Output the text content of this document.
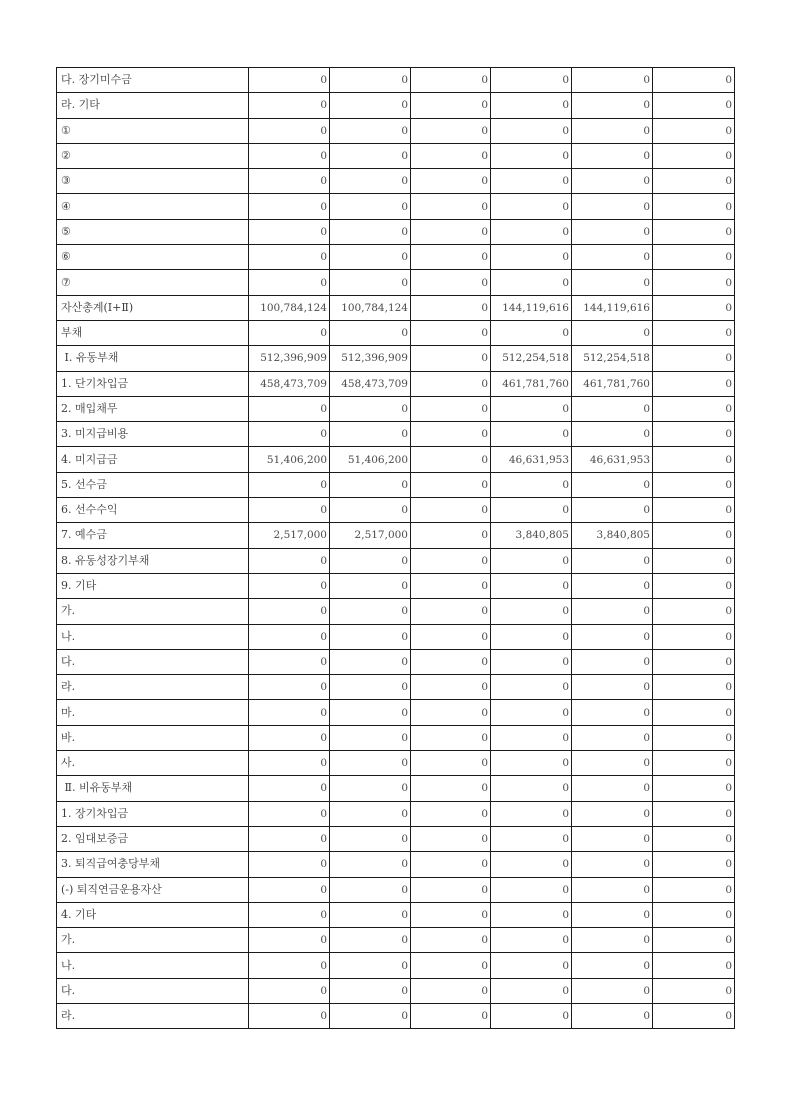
다. 장기미수금	0	0	0	0	0	0
라. 기타	0	0	0	0	0	0
①	0	0	0	0	0	0
②	0	0	0	0	0	0
③	0	0	0	0	0	0
④	0	0	0	0	0	0
⑤	0	0	0	0	0	0
⑥	0	0	0	0	0	0
⑦	0	0	0	0	0	0
자산총계(Ⅰ+Ⅱ)	100,784,124	100,784,124	0	144,119,616	144,119,616	0
부채	0	0	0	0	0	0
Ⅰ. 유동부채	512,396,909	512,396,909	0	512,254,518	512,254,518	0
1. 단기차입금	458,473,709	458,473,709	0	461,781,760	461,781,760	0
2. 매입채무	0	0	0	0	0	0
3. 미지급비용	0	0	0	0	0	0
4. 미지급금	51,406,200	51,406,200	0	46,631,953	46,631,953	0
5. 선수금	0	0	0	0	0	0
6. 선수수익	0	0	0	0	0	0
7. 예수금	2,517,000	2,517,000	0	3,840,805	3,840,805	0
8. 유동성장기부채	0	0	0	0	0	0
9. 기타	0	0	0	0	0	0
가.	0	0	0	0	0	0
나.	0	0	0	0	0	0
다.	0	0	0	0	0	0
라.	0	0	0	0	0	0
마.	0	0	0	0	0	0
바.	0	0	0	0	0	0
사.	0	0	0	0	0	0
Ⅱ. 비유동부채	0	0	0	0	0	0
1. 장기차입금	0	0	0	0	0	0
2. 임대보증금	0	0	0	0	0	0
3. 퇴직급여충당부채	0	0	0	0	0	0
(-) 퇴직연금운용자산	0	0	0	0	0	0
4. 기타	0	0	0	0	0	0
가.	0	0	0	0	0	0
나.	0	0	0	0	0	0
다.	0	0	0	0	0	0
라.	0	0	0	0	0	0
